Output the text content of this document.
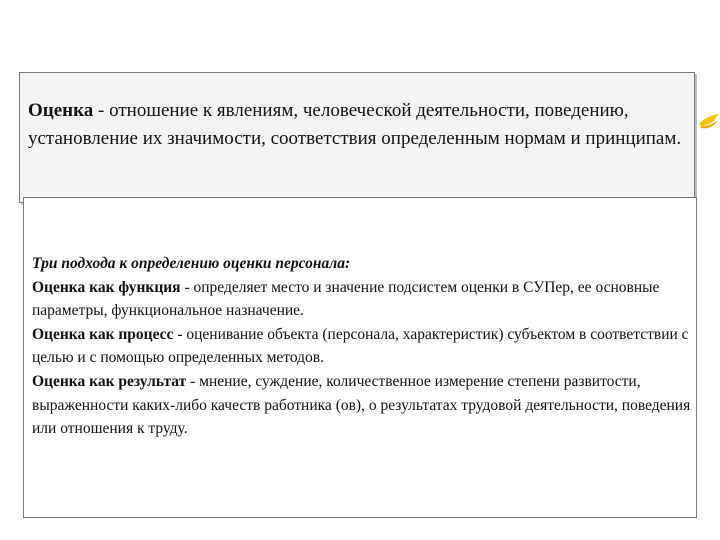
Оценка - отношение к явлениям, человеческой деятельности, поведению, установление их значимости, соответствия определенным нормам и принципам.
Три подхода к определению оценки персонала:
Оценка как функция - определяет место и значение подсистем оценки в СУПер, ее основные параметры, функциональное назначение.
Оценка как процесс - оценивание объекта (персонала, характеристик) субъектом в соответствии с целью и с помощью определенных методов.
Оценка как результат - мнение, суждение, количественное измерение степени развитости, выраженности каких-либо качеств работника (ов), о результатах трудовой деятельности, поведения или отношения к труду.
